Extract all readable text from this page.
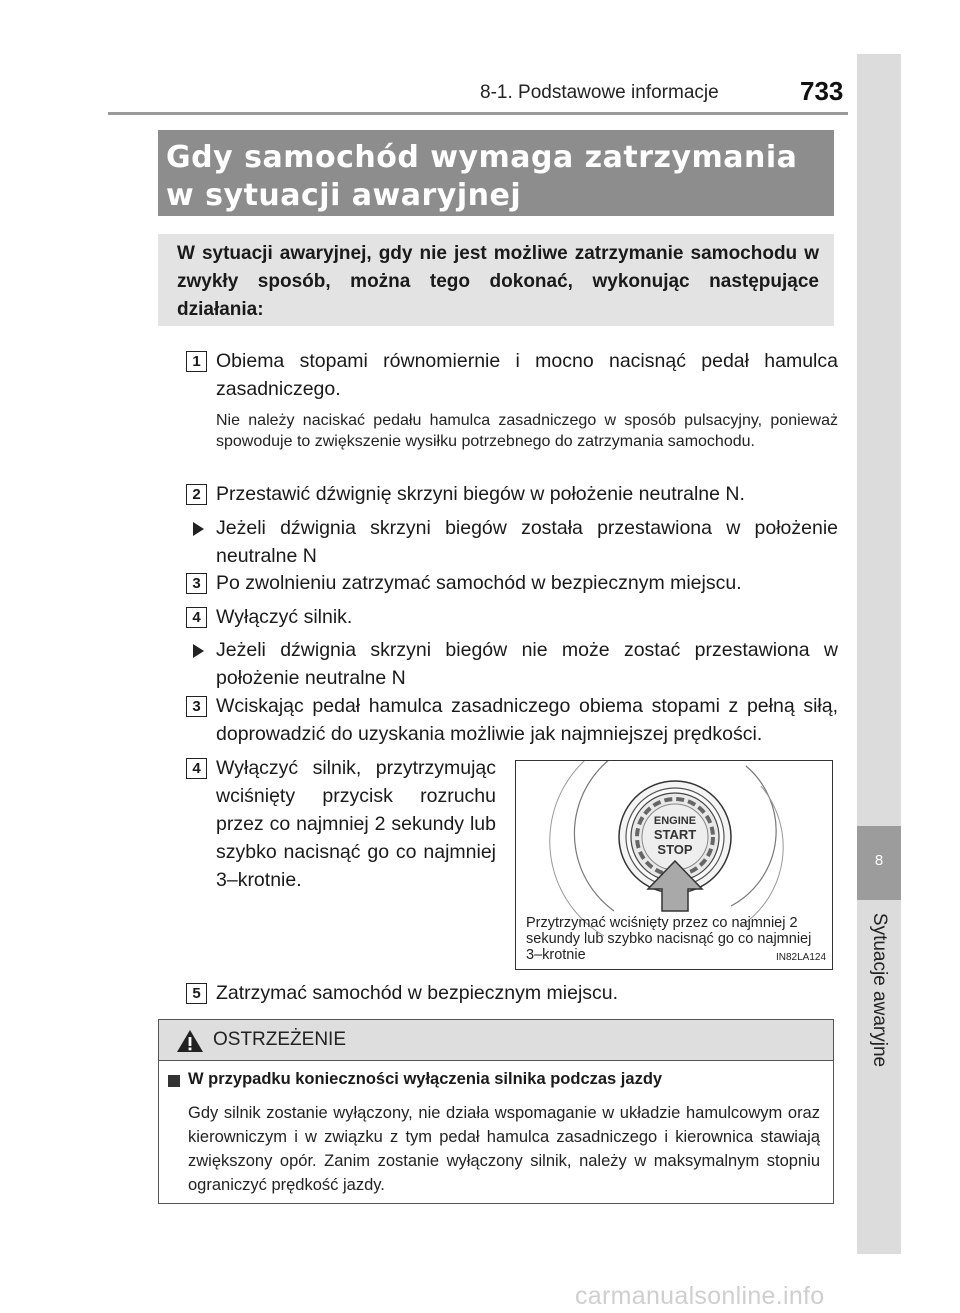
8-1. Podstawowe informacje	733
8
Sytuacje awaryjne
Gdy samochód wymaga zatrzymania
w sytuacji awaryjnej
W sytuacji awaryjnej, gdy nie jest możliwe zatrzymanie samochodu w zwykły sposób, można tego dokonać, wykonując następujące działania:
1 Obiema stopami równomiernie i mocno nacisnąć pedał hamulca zasadniczego.
Nie należy naciskać pedału hamulca zasadniczego w sposób pulsacyjny, ponieważ spowoduje to zwiększenie wysiłku potrzebnego do zatrzymania samochodu.
2 Przestawić dźwignię skrzyni biegów w położenie neutralne N.
Jeżeli dźwignia skrzyni biegów została przestawiona w położenie neutralne N
3 Po zwolnieniu zatrzymać samochód w bezpiecznym miejscu.
4 Wyłączyć silnik.
Jeżeli dźwignia skrzyni biegów nie może zostać przestawiona w położenie neutralne N
3 Wciskając pedał hamulca zasadniczego obiema stopami z pełną siłą, doprowadzić do uzyskania możliwie jak najmniejszej prędkości.
4 Wyłączyć silnik, przytrzymując wciśnięty przycisk rozruchu przez co najmniej 2 sekundy lub szybko nacisnąć go co najmniej 3–krotnie.
ENGINE
START
STOP
Przytrzymać wciśnięty przez co najmniej 2 sekundy lub szybko nacisnąć go co najmniej 3–krotnie	IN82LA124
5 Zatrzymać samochód w bezpiecznym miejscu.
OSTRZEŻENIE
W przypadku konieczności wyłączenia silnika podczas jazdy
Gdy silnik zostanie wyłączony, nie działa wspomaganie w układzie hamulcowym oraz kierowniczym i w związku z tym pedał hamulca zasadniczego i kierownica stawiają zwiększony opór. Zanim zostanie wyłączony silnik, należy w maksymalnym stopniu ograniczyć prędkość jazdy.
carmanualsonline.info
